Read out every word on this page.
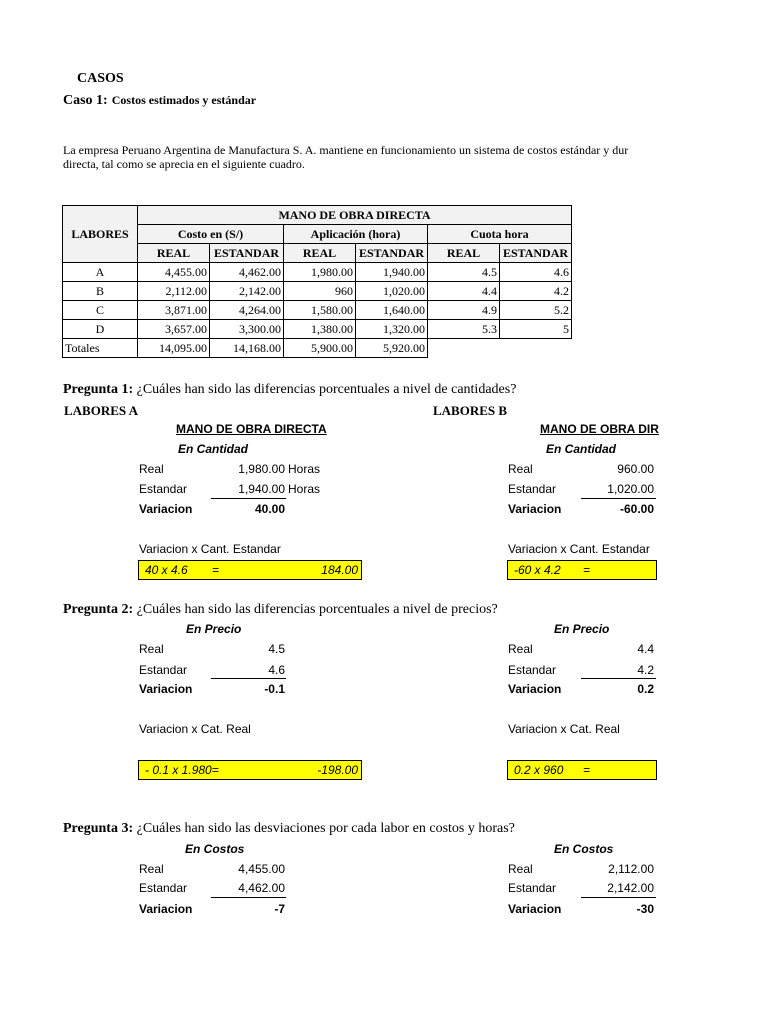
CASOS
Caso 1: Costos estimados y estándar
La empresa Peruano Argentina de Manufactura S. A. mantiene en funcionamiento un sistema de costos estándar y dur
directa, tal como se aprecia en el siguiente cuadro.
LABORES	MANO DE OBRA DIRECTA					
	Costo en (S/)		Aplicación (hora)		Cuota hora	
	REAL	ESTANDAR	REAL	ESTANDAR	REAL	ESTANDAR
A	4,455.00	4,462.00	1,980.00	1,940.00	4.5	4.6
B	2,112.00	2,142.00	960	1,020.00	4.4	4.2
C	3,871.00	4,264.00	1,580.00	1,640.00	4.9	5.2
D	3,657.00	3,300.00	1,380.00	1,320.00	5.3	5
Totales	14,095.00	14,168.00	5,900.00	5,920.00		
Pregunta 1: ¿Cuáles han sido las diferencias porcentuales a nivel de cantidades?
LABORES A	LABORES B
MANO DE OBRA DIRECTA
En Cantidad
Real	1,980.00 Horas
Estandar	1,940.00 Horas
Variacion	40.00
Variacion x Cant. Estandar
40 x 4.6 =	184.00
MANO DE OBRA DIR
En Cantidad
Real	960.00
Estandar	1,020.00
Variacion	-60.00
Variacion x Cant. Estandar
-60 x 4.2 =
Pregunta 2: ¿Cuáles han sido las diferencias porcentuales a nivel de precios?
En Precio
Real	4.5
Estandar	4.6
Variacion	-0.1
Variacion x Cat. Real
- 0.1 x 1.980=	-198.00
En Precio
Real	4.4
Estandar	4.2
Variacion	0.2
Variacion x Cat. Real
0.2 x 960 =
Pregunta 3: ¿Cuáles han sido las desviaciones por cada labor en costos y horas?
En Costos
Real	4,455.00
Estandar	4,462.00
Variacion	-7
En Costos
Real	2,112.00
Estandar	2,142.00
Variacion	-30
